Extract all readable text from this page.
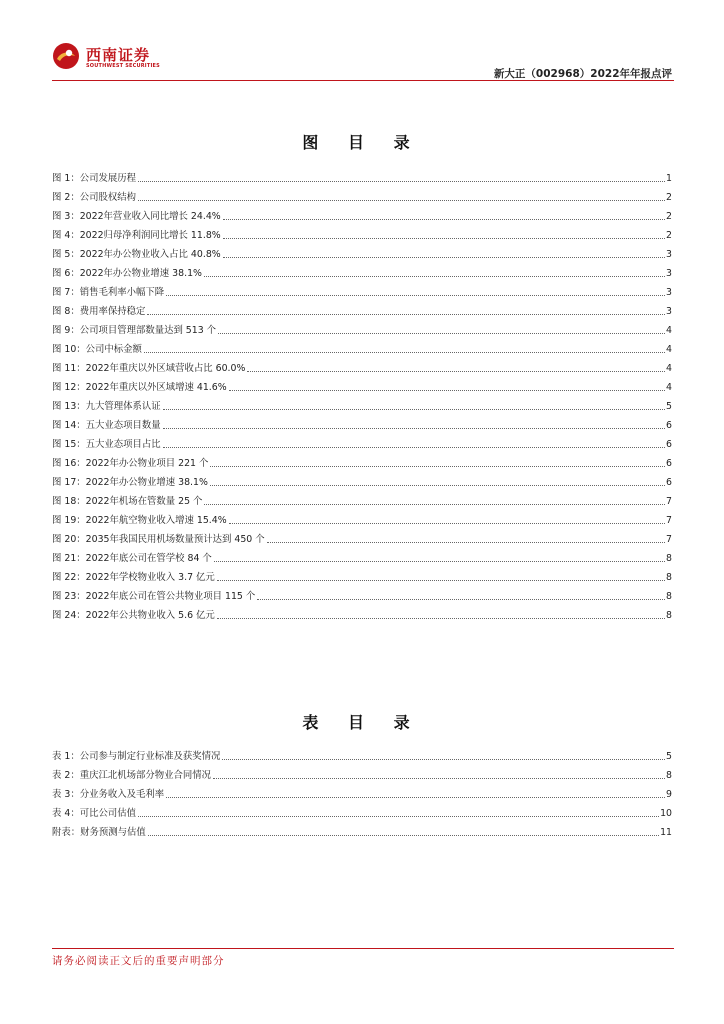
西南证券
SOUTHWEST SECURITIES
新大正（002968）2022年年报点评
图 目 录
图 1：公司发展历程	1
图 2：公司股权结构	2
图 3：2022年营业收入同比增长 24.4%	2
图 4：2022归母净利润同比增长 11.8%	2
图 5：2022年办公物业收入占比 40.8%	3
图 6：2022年办公物业增速 38.1%	3
图 7：销售毛利率小幅下降	3
图 8：费用率保持稳定	3
图 9：公司项目管理部数量达到 513 个	4
图 10：公司中标金额	4
图 11：2022年重庆以外区域营收占比 60.0%	4
图 12：2022年重庆以外区域增速 41.6%	4
图 13：九大管理体系认证	5
图 14：五大业态项目数量	6
图 15：五大业态项目占比	6
图 16：2022年办公物业项目 221 个	6
图 17：2022年办公物业增速 38.1%	6
图 18：2022年机场在管数量 25 个	7
图 19：2022年航空物业收入增速 15.4%	7
图 20：2035年我国民用机场数量预计达到 450 个	7
图 21：2022年底公司在管学校 84 个	8
图 22：2022年学校物业收入 3.7 亿元	8
图 23：2022年底公司在管公共物业项目 115 个	8
图 24：2022年公共物业收入 5.6 亿元	8
表 目 录
表 1：公司参与制定行业标准及获奖情况	5
表 2：重庆江北机场部分物业合同情况	8
表 3：分业务收入及毛利率	9
表 4：可比公司估值	10
附表：财务预测与估值	11
请务必阅读正文后的重要声明部分
